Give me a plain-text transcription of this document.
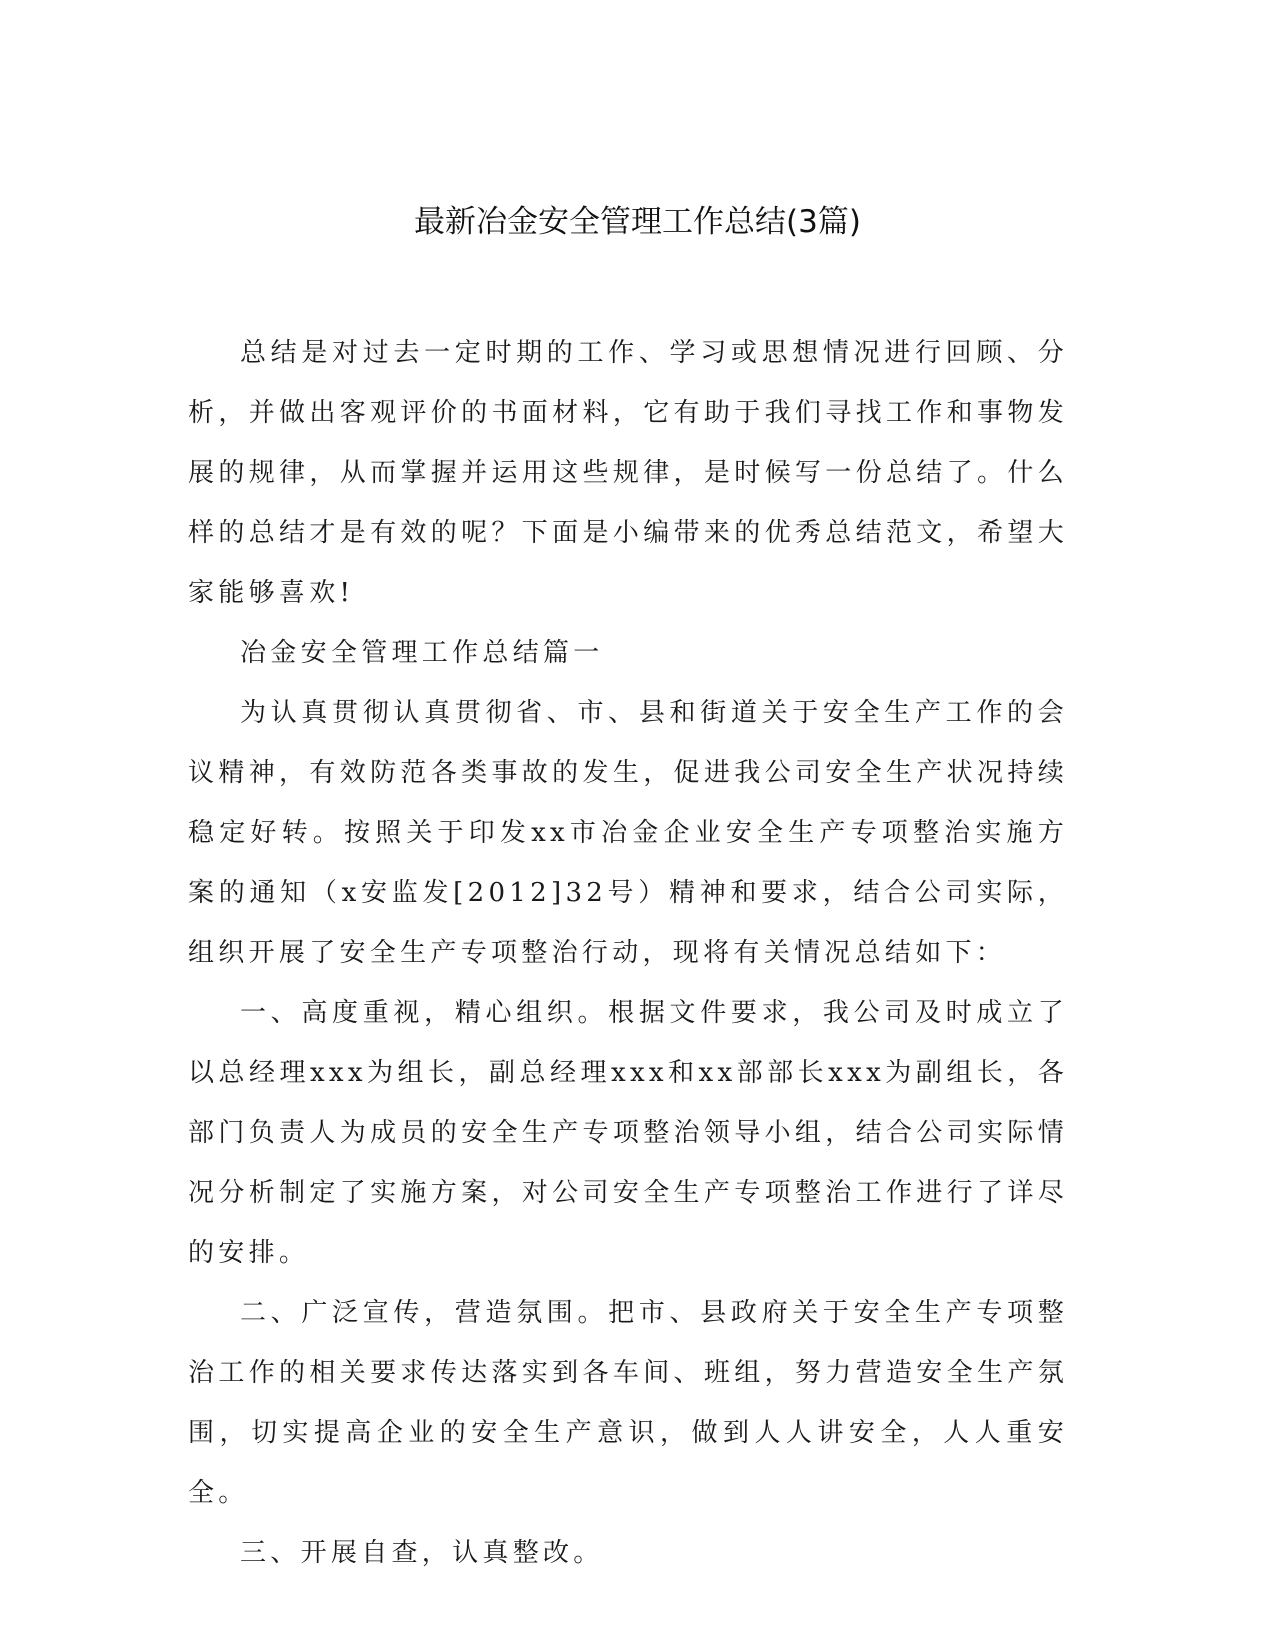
最新冶金安全管理工作总结(3篇)

总结是对过去一定时期的工作、学习或思想情况进行回顾、分析，并做出客观评价的书面材料，它有助于我们寻找工作和事物发展的规律，从而掌握并运用这些规律，是时候写一份总结了。什么样的总结才是有效的呢？下面是小编带来的优秀总结范文，希望大家能够喜欢!

冶金安全管理工作总结篇一

为认真贯彻认真贯彻省、市、县和街道关于安全生产工作的会议精神，有效防范各类事故的发生，促进我公司安全生产状况持续稳定好转。按照关于印发xx市冶金企业安全生产专项整治实施方案的通知（x安监发[2012]32号）精神和要求，结合公司实际，组织开展了安全生产专项整治行动，现将有关情况总结如下：

一、高度重视，精心组织。根据文件要求，我公司及时成立了以总经理xxx为组长，副总经理xxx和xx部部长xxx为副组长，各部门负责人为成员的安全生产专项整治领导小组，结合公司实际情况分析制定了实施方案，对公司安全生产专项整治工作进行了详尽的安排。

二、广泛宣传，营造氛围。把市、县政府关于安全生产专项整治工作的相关要求传达落实到各车间、班组，努力营造安全生产氛围，切实提高企业的安全生产意识，做到人人讲安全，人人重安全。

三、开展自查，认真整改。
